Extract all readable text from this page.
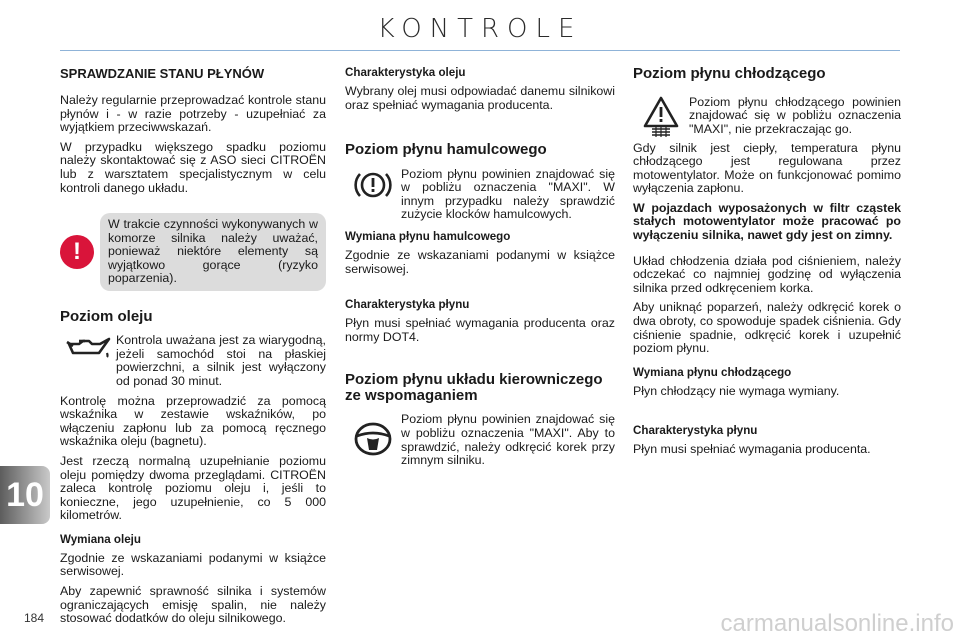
KONTROLE
SPRAWDZANIE STANU PŁYNÓW

Należy regularnie przeprowadzać kontrole stanu płynów i - w razie potrzeby - uzupełniać za wyjątkiem przeciwwskazań.

W przypadku większego spadku poziomu należy skontaktować się z ASO sieci CITROËN lub z warsztatem specjalistycznym w celu kontroli danego układu.

!

W trakcie czynności wykonywanych w komorze silnika należy uważać, ponieważ niektóre elementy są wyjątkowo gorące (ryzyko poparzenia).

Poziom oleju

Kontrola uważana jest za wiarygodną, jeżeli samochód stoi na płaskiej powierzchni, a silnik jest wyłączony od ponad 30 minut.

Kontrolę można przeprowadzić za pomocą wskaźnika w zestawie wskaźników, po włączeniu zapłonu lub za pomocą ręcznego wskaźnika oleju (bagnetu).

Jest rzeczą normalną uzupełnianie poziomu oleju pomiędzy dwoma przeglądami. CITROËN zaleca kontrolę poziomu oleju i, jeśli to konieczne, jego uzupełnienie, co 5 000 kilometrów.

Wymiana oleju

Zgodnie ze wskazaniami podanymi w książce serwisowej.

Aby zapewnić sprawność silnika i systemów ograniczających emisję spalin, nie należy stosować dodatków do oleju silnikowego.

Charakterystyka oleju

Wybrany olej musi odpowiadać danemu silnikowi oraz spełniać wymagania producenta.

Poziom płynu hamulcowego

Poziom płynu powinien znajdować się w pobliżu oznaczenia "MAXI". W innym przypadku należy sprawdzić zużycie klocków hamulcowych.

Wymiana płynu hamulcowego

Zgodnie ze wskazaniami podanymi w książce serwisowej.

Charakterystyka płynu

Płyn musi spełniać wymagania producenta oraz normy DOT4.

Poziom płynu układu kierowniczego ze wspomaganiem

Poziom płynu powinien znajdować się w pobliżu oznaczenia "MAXI". Aby to sprawdzić, należy odkręcić korek przy zimnym silniku.

Poziom płynu chłodzącego

Poziom płynu chłodzącego powinien znajdować się w pobliżu oznaczenia "MAXI", nie przekraczając go.

Gdy silnik jest ciepły, temperatura płynu chłodzącego jest regulowana przez motowentylator. Może on funkcjonować pomimo wyłączenia zapłonu.

W pojazdach wyposażonych w filtr cząstek stałych motowentylator może pracować po wyłączeniu silnika, nawet gdy jest on zimny.

Układ chłodzenia działa pod ciśnieniem, należy odczekać co najmniej godzinę od wyłączenia silnika przed odkręceniem korka.

Aby uniknąć poparzeń, należy odkręcić korek o dwa obroty, co spowoduje spadek ciśnienia. Gdy ciśnienie spadnie, odkręcić korek i uzupełnić poziom płynu.

Wymiana płynu chłodzącego

Płyn chłodzący nie wymaga wymiany.

Charakterystyka płynu

Płyn musi spełniać wymagania producenta.

10
184	carmanualsonline.info
